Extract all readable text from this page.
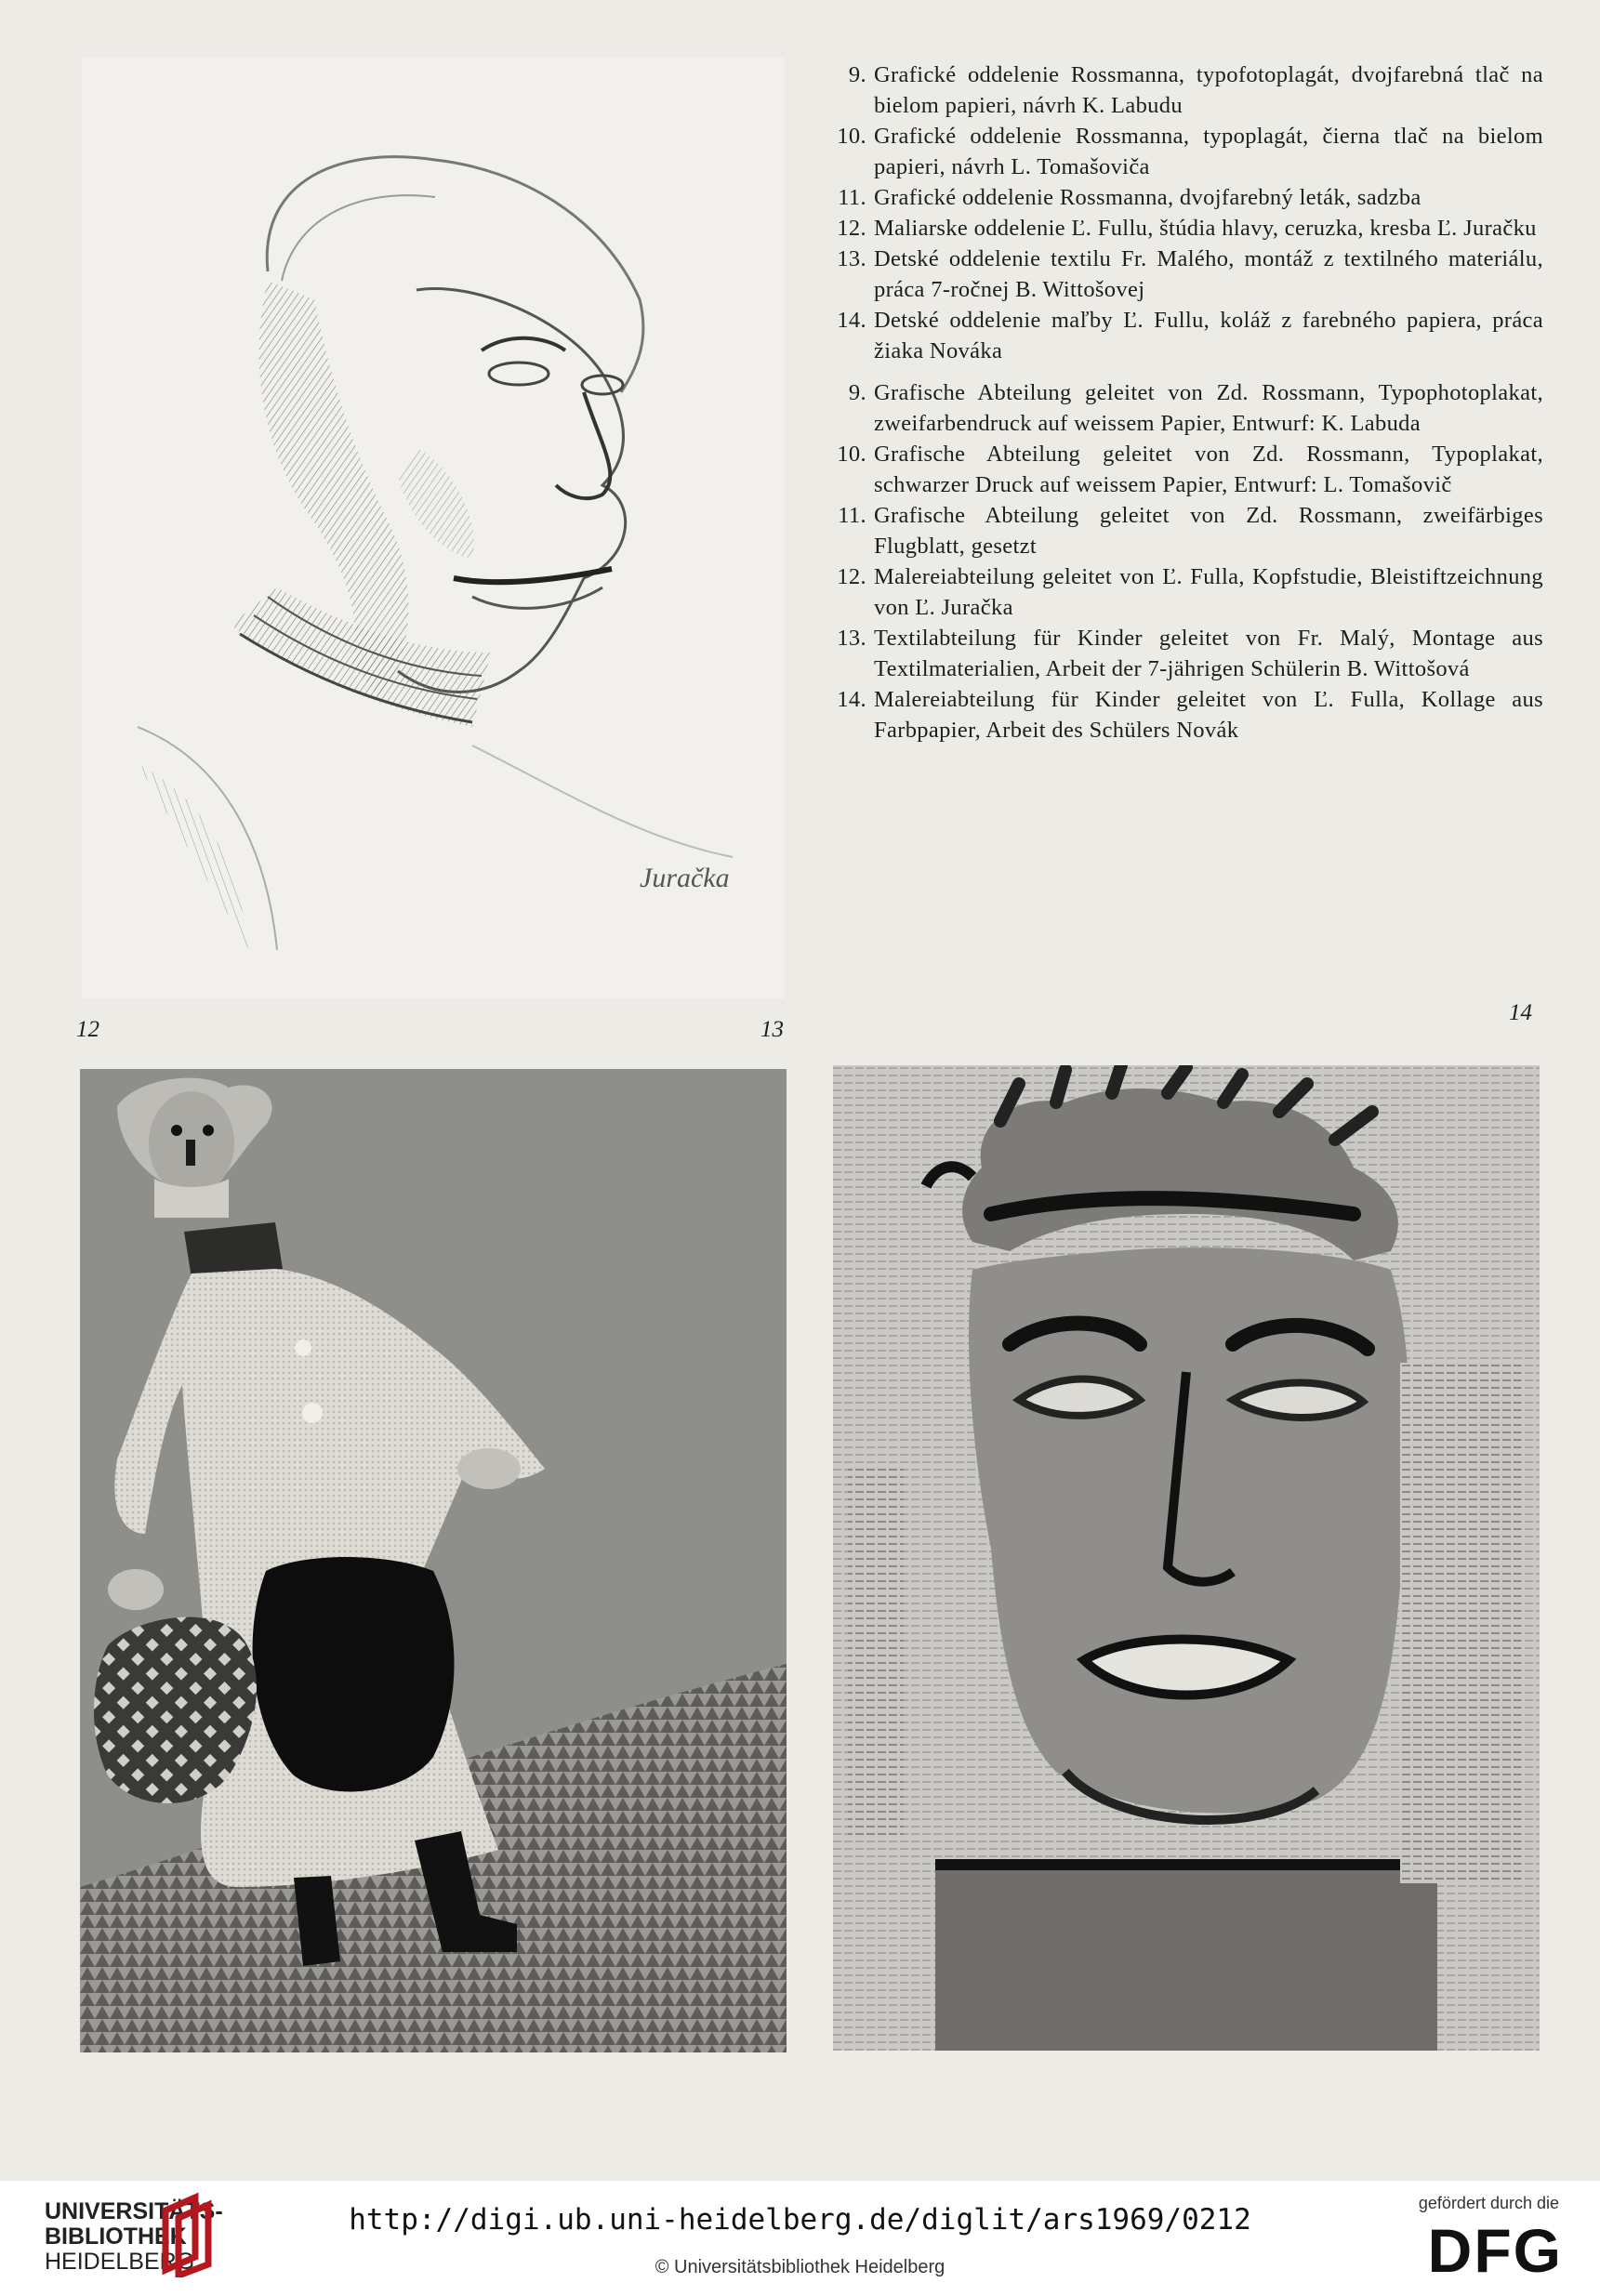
Juračka
9. Grafické oddelenie Rossmanna, typofotoplagát, dvojfarebná tlač na bielom papieri, návrh K. Labudu
10. Grafické oddelenie Rossmanna, typoplagát, čierna tlač na bielom papieri, návrh L. Tomašoviča
11. Grafické oddelenie Rossmanna, dvojfarebný leták, sadzba
12. Maliarske oddelenie Ľ. Fullu, štúdia hlavy, ceruzka, kresba Ľ. Juračku
13. Detské oddelenie textilu Fr. Malého, montáž z textilného materiálu, práca 7-ročnej B. Wittošovej
14. Detské oddelenie maľby Ľ. Fullu, koláž z farebného papiera, práca žiaka Nováka
9. Grafische Abteilung geleitet von Zd. Rossmann, Typophotoplakat, zweifarbendruck auf weissem Papier, Entwurf: K. Labuda
10. Grafische Abteilung geleitet von Zd. Rossmann, Typoplakat, schwarzer Druck auf weissem Papier, Entwurf: L. Tomašovič
11. Grafische Abteilung geleitet von Zd. Rossmann, zweifärbiges Flugblatt, gesetzt
12. Malereiabteilung geleitet von Ľ. Fulla, Kopfstudie, Bleistiftzeichnung von Ľ. Juračka
13. Textilabteilung für Kinder geleitet von Fr. Malý, Montage aus Textilmaterialien, Arbeit der 7-jährigen Schülerin B. Wittošová
14. Malereiabteilung für Kinder geleitet von Ľ. Fulla, Kollage aus Farbpapier, Arbeit des Schülers Novák
12	13
14
UNIVERSITÄTS-
BIBLIOTHEK
HEIDELBERG
http://digi.ub.uni-heidelberg.de/diglit/ars1969/0212
© Universitätsbibliothek Heidelberg
gefördert durch die
DFG
